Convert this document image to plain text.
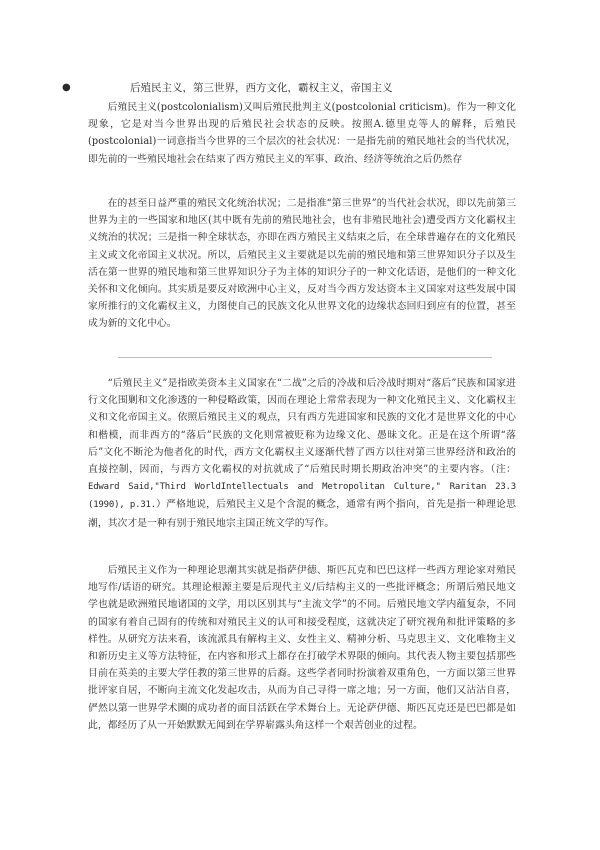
●	后殖民主义，第三世界，西方文化，霸权主义，帝国主义

后殖民主义(postcolonialism)又叫后殖民批判主义(postcolonial criticism)。作为一种文化现象，它是对当今世界出现的后殖民社会状态的反映。按照A.德里克等人的解释，后殖民(postcolonial)一词意指当今世界的三个层次的社会状况：一是指先前的殖民地社会的当代状况，即先前的一些殖民地社会在结束了西方殖民主义的军事、政治、经济等统治之后仍然存

在的甚至日益严重的殖民文化统治状况；二是指准“第三世界”的当代社会状况，即以先前第三世界为主的一些国家和地区(其中既有先前的殖民地社会，也有非殖民地社会)遭受西方文化霸权主义统治的状况；三是指一种全球状态，亦即在西方殖民主义结束之后，在全球普遍存在的文化殖民主义或文化帝国主义状况。所以，后殖民主义主要就是以先前的殖民地和第三世界知识分子以及生活在第一世界的殖民地和第三世界知识分子为主体的知识分子的一种文化话语，是他们的一种文化关怀和文化倾向。其实质是要反对欧洲中心主义，反对当今西方发达资本主义国家对这些发展中国家所推行的文化霸权主义，力图使自己的民族文化从世界文化的边缘状态回归到应有的位置，甚至成为新的文化中心。

“后殖民主义”是指欧美资本主义国家在“二战”之后的冷战和后冷战时期对“落后”民族和国家进行文化围剿和文化渗透的一种侵略政策，因而在理论上常常表现为一种文化殖民主义、文化霸权主义和文化帝国主义。依照后殖民主义的观点，只有西方先进国家和民族的文化才是世界文化的中心和楷模，而非西方的“落后”民族的文化则常被贬称为边缘文化、愚昧文化。正是在这个所谓“落后”文化不断沦为他者化的时代，西方文化霸权主义逐渐代替了西方以往对第三世界经济和政治的直接控制，因而，与西方文化霸权的对抗就成了“后殖民时期长期政治冲突”的主要内容。（注：Edward Said,"Third WorldIntellectuals and Metropolitan Culture," Raritan 23.3 (1990), p.31.）严格地说，后殖民主义是个含混的概念，通常有两个指向，首先是指一种理论思潮，其次才是一种有别于殖民地宗主国正统文学的写作。

后殖民主义作为一种理论思潮其实就是指萨伊德、斯匹瓦克和巴巴这样一些西方理论家对殖民地写作/话语的研究。其理论根源主要是后现代主义/后结构主义的一些批评概念；所谓后殖民地文学也就是欧洲殖民地诸国的文学，用以区别其与“主流文学”的不同。后殖民地文学内蕴复杂，不同的国家有着自己固有的传统和对殖民主义的认可和接受程度，这就决定了研究视角和批评策略的多样性。从研究方法来看，该流派具有解构主义、女性主义、精神分析、马克思主义、文化唯物主义和新历史主义等方法特征，在内容和形式上都存在打破学术界限的倾向。其代表人物主要包括那些目前在英美的主要大学任教的第三世界的后裔。这些学者同时扮演着双重角色，一方面以第三世界批评家自居，不断向主流文化发起攻击，从而为自己寻得一席之地；另一方面，他们又沾沾自喜，俨然以第一世界学术圈的成功者的面目活跃在学术舞台上。无论萨伊德、斯匹瓦克还是巴巴都是如此，都经历了从一开始默默无闻到在学界崭露头角这样一个艰苦创业的过程。
